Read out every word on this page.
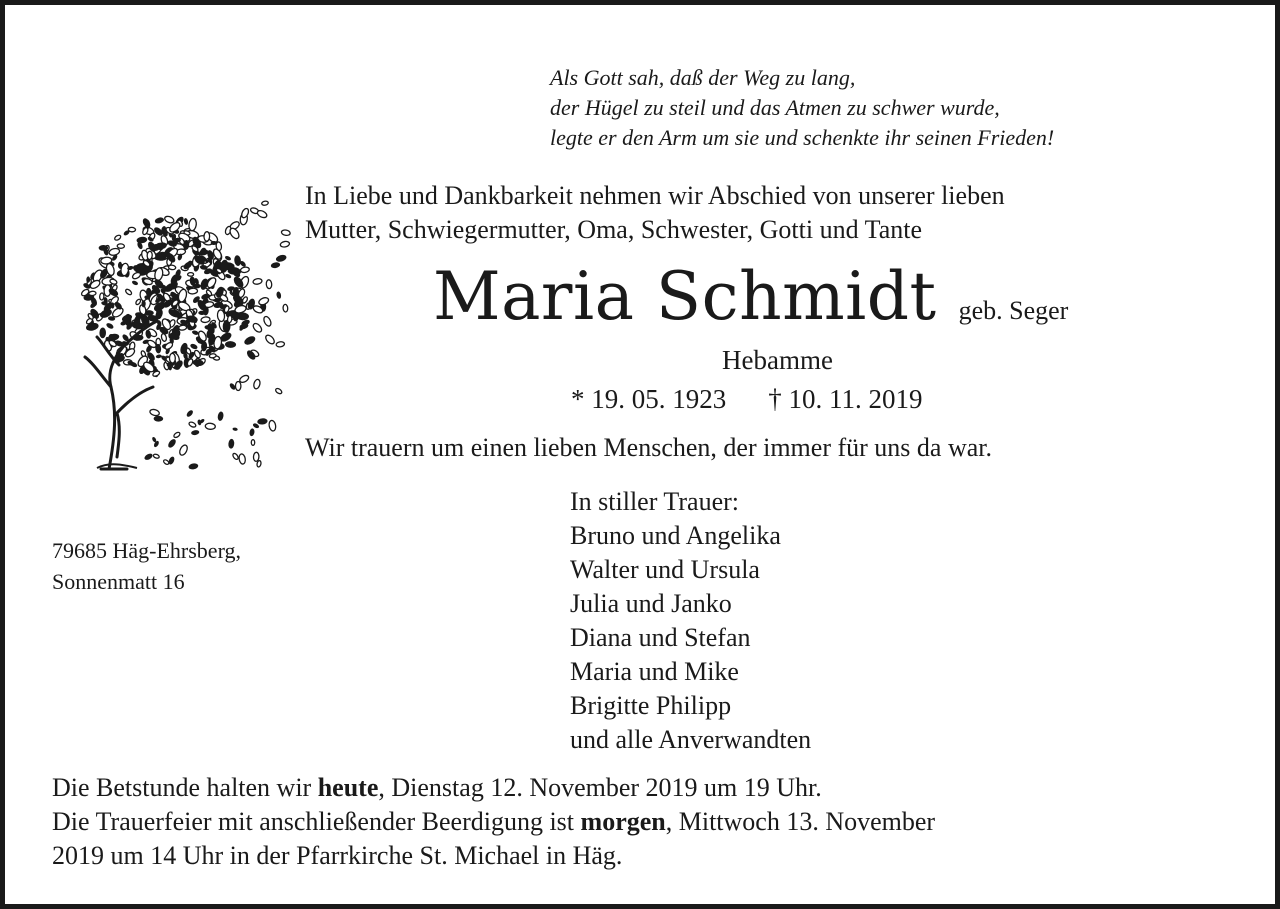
Als Gott sah, daß der Weg zu lang,
der Hügel zu steil und das Atmen zu schwer wurde,
legte er den Arm um sie und schenkte ihr seinen Frieden!
In Liebe und Dankbarkeit nehmen wir Abschied von unserer lieben
Mutter, Schwiegermutter, Oma, Schwester, Gotti und Tante
Maria Schmidt geb. Seger
Hebamme
* 19. 05. 1923 † 10. 11. 2019
Wir trauern um einen lieben Menschen, der immer für uns da war.
79685 Häg-Ehrsberg,
Sonnenmatt 16
In stiller Trauer:
Bruno und Angelika
Walter und Ursula
Julia und Janko
Diana und Stefan
Maria und Mike
Brigitte Philipp
und alle Anverwandten
Die Betstunde halten wir heute, Dienstag 12. November 2019 um 19 Uhr.
Die Trauerfeier mit anschließender Beerdigung ist morgen, Mittwoch 13. November
2019 um 14 Uhr in der Pfarrkirche St. Michael in Häg.
